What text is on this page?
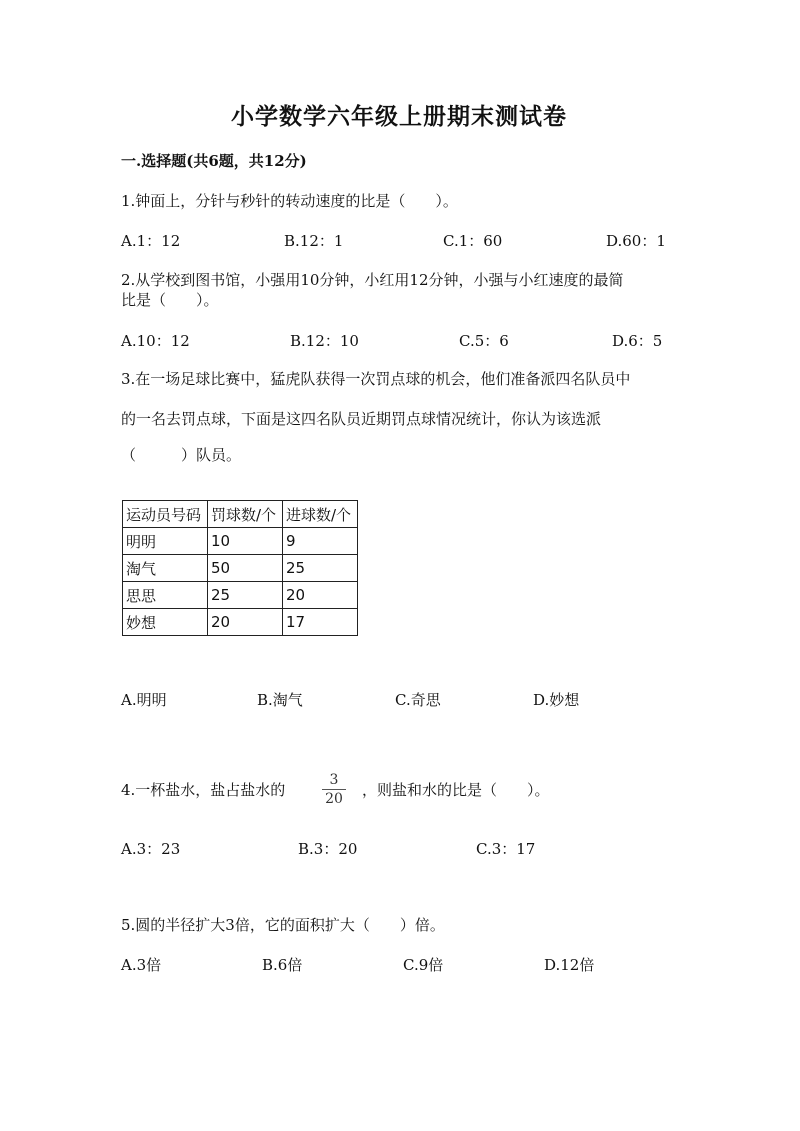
小学数学六年级上册期末测试卷
一.选择题(共6题，共12分)
1.钟面上，分针与秒针的转动速度的比是（　　）。
A.1：12	B.12：1	C.1：60	D.60：1
2.从学校到图书馆，小强用10分钟，小红用12分钟，小强与小红速度的最简
比是（　　）。
A.10：12	B.12：10	C.5：6	D.6：5
3.在一场足球比赛中，猛虎队获得一次罚点球的机会，他们准备派四名队员中
的一名去罚点球，下面是这四名队员近期罚点球情况统计，你认为该选派
（　　　）队员。
运动员号码	罚球数/个	进球数/个
明明	10	9
淘气	50	25
思思	25	20
妙想	20	17
A.明明	B.淘气	C.奇思	D.妙想
4.一杯盐水，盐占盐水的
3
20	，则盐和水的比是（　　）。
A.3：23	B.3：20	C.3：17
5.圆的半径扩大3倍，它的面积扩大（　　）倍。
A.3倍	B.6倍	C.9倍	D.12倍
